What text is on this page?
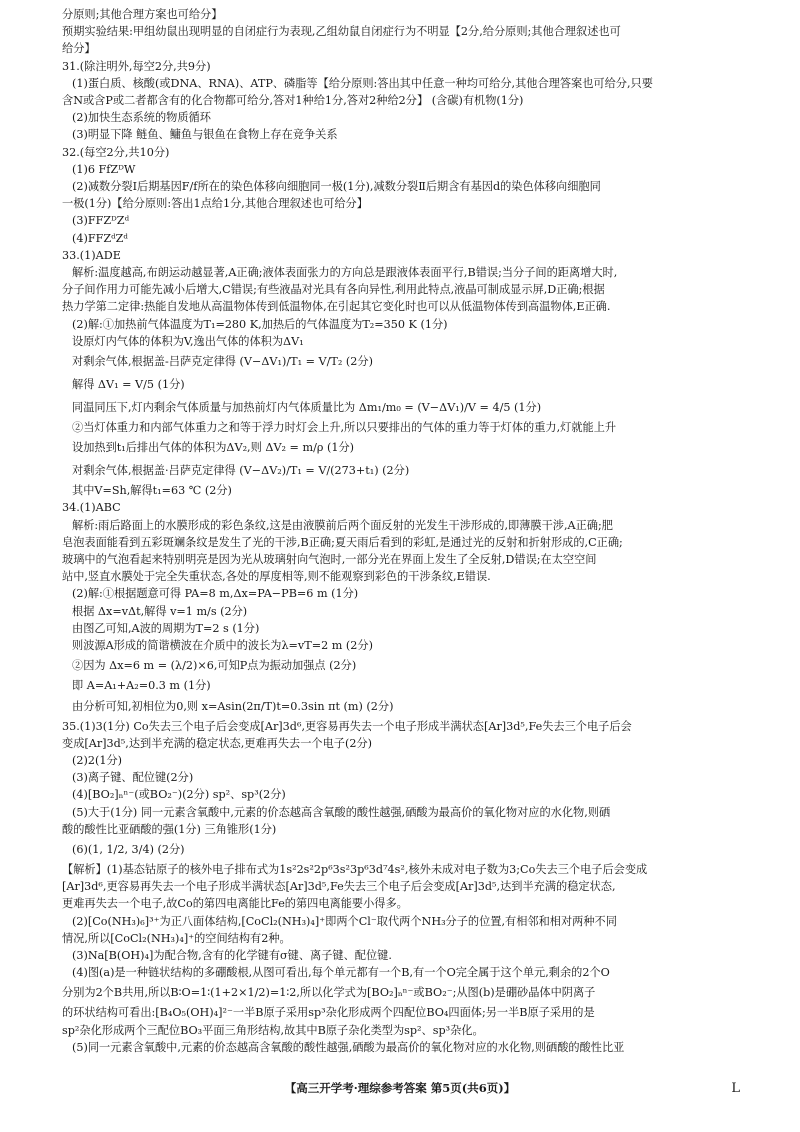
分原则;其他合理方案也可给分】
预期实验结果:甲组幼鼠出现明显的自闭症行为表现,乙组幼鼠自闭症行为不明显【2分,给分原则;其他合理叙述也可
给分】
31.(除注明外,每空2分,共9分)
(1)蛋白质、核酸(或DNA、RNA)、ATP、磷脂等【给分原则:答出其中任意一种均可给分,其他合理答案也可给分,只要
含N或含P或二者都含有的化合物都可给分,答对1种给1分,答对2种给2分】 (含碳)有机物(1分)
(2)加快生态系统的物质循环
(3)明显下降 鲢鱼、鳙鱼与银鱼在食物上存在竞争关系
32.(每空2分,共10分)
(1)6 FfZᴰW
(2)减数分裂Ⅰ后期基因F/f所在的染色体移向细胞同一极(1分),减数分裂Ⅱ后期含有基因d的染色体移向细胞同
一极(1分)【给分原则:答出1点给1分,其他合理叙述也可给分】
(3)FFZᴰZᵈ
(4)FFZᵈZᵈ
33.(1)ADE
解析:温度越高,布朗运动越显著,A正确;液体表面张力的方向总是跟液体表面平行,B错误;当分子间的距离增大时,
分子间作用力可能先减小后增大,C错误;有些液晶对光具有各向异性,利用此特点,液晶可制成显示屏,D正确;根据
热力学第二定律:热能自发地从高温物体传到低温物体,在引起其它变化时也可以从低温物体传到高温物体,E正确.
(2)解:①加热前气体温度为T₁=280 K,加热后的气体温度为T₂=350 K (1分)
设原灯内气体的体积为V,逸出气体的体积为ΔV₁
对剩余气体,根据盖-吕萨克定律得 (V−ΔV₁)/T₁ = V/T₂ (2分)
解得 ΔV₁ = V/5 (1分)
同温同压下,灯内剩余气体质量与加热前灯内气体质量比为 Δm₁/m₀ = (V−ΔV₁)/V = 4/5 (1分)
②当灯体重力和内部气体重力之和等于浮力时灯会上升,所以只要排出的气体的重力等于灯体的重力,灯就能上升
设加热到t₁后排出气体的体积为ΔV₂,则 ΔV₂ = m/ρ (1分)
对剩余气体,根据盖·吕萨克定律得 (V−ΔV₂)/T₁ = V/(273+t₁) (2分)
其中V=Sh,解得t₁=63 ℃ (2分)
34.(1)ABC
解析:雨后路面上的水膜形成的彩色条纹,这是由液膜前后两个面反射的光发生干涉形成的,即薄膜干涉,A正确;肥
皂泡表面能看到五彩斑斓条纹是发生了光的干涉,B正确;夏天雨后看到的彩虹,是通过光的反射和折射形成的,C正确;
玻璃中的气泡看起来特别明亮是因为光从玻璃射向气泡时,一部分光在界面上发生了全反射,D错误;在太空空间
站中,竖直水膜处于完全失重状态,各处的厚度相等,则不能观察到彩色的干涉条纹,E错误.
(2)解:①根据题意可得 PA=8 m,Δx=PA−PB=6 m (1分)
根据 Δx=vΔt,解得 v=1 m/s (2分)
由图乙可知,A波的周期为T=2 s (1分)
则波源A形成的简谐横波在介质中的波长为λ=vT=2 m (2分)
②因为 Δx=6 m = (λ/2)×6,可知P点为振动加强点 (2分)
即 A=A₁+A₂=0.3 m (1分)
由分析可知,初相位为0,则 x=Asin(2π/T)t=0.3sin πt (m) (2分)
35.(1)3(1分) Co失去三个电子后会变成[Ar]3d⁶,更容易再失去一个电子形成半满状态[Ar]3d⁵,Fe失去三个电子后会
变成[Ar]3d⁵,达到半充满的稳定状态,更难再失去一个电子(2分)
(2)2(1分)
(3)离子键、配位键(2分)
(4)[BO₂]ₙⁿ⁻(或BO₂⁻)(2分) sp²、sp³(2分)
(5)大于(1分) 同一元素含氧酸中,元素的价态越高含氧酸的酸性越强,硒酸为最高价的氧化物对应的水化物,则硒
酸的酸性比亚硒酸的强(1分) 三角锥形(1分)
(6)(1, 1/2, 3/4) (2分)
【解析】(1)基态钴原子的核外电子排布式为1s²2s²2p⁶3s²3p⁶3d⁷4s²,核外未成对电子数为3;Co失去三个电子后会变成
[Ar]3d⁶,更容易再失去一个电子形成半满状态[Ar]3d⁵,Fe失去三个电子后会变成[Ar]3d⁵,达到半充满的稳定状态,
更难再失去一个电子,故Co的第四电离能比Fe的第四电离能要小得多。
(2)[Co(NH₃)₆]³⁺为正八面体结构,[CoCl₂(NH₃)₄]⁺即两个Cl⁻取代两个NH₃分子的位置,有相邻和相对两种不同
情况,所以[CoCl₂(NH₃)₄]⁺的空间结构有2种。
(3)Na[B(OH)₄]为配合物,含有的化学键有σ键、离子键、配位键.
(4)图(a)是一种链状结构的多硼酸根,从图可看出,每个单元都有一个B,有一个O完全属于这个单元,剩余的2个O
分别为2个B共用,所以B∶O=1∶(1+2×1/2)=1∶2,所以化学式为[BO₂]ₙⁿ⁻或BO₂⁻;从图(b)是硼砂晶体中阴离子
的环状结构可看出:[B₄O₅(OH)₄]²⁻一半B原子采用sp³杂化形成两个四配位BO₄四面体;另一半B原子采用的是
sp²杂化形成两个三配位BO₃平面三角形结构,故其中B原子杂化类型为sp²、sp³杂化。
(5)同一元素含氧酸中,元素的价态越高含氧酸的酸性越强,硒酸为最高价的氧化物对应的水化物,则硒酸的酸性比亚
【高三开学考·理综参考答案 第5页(共6页)】	L
